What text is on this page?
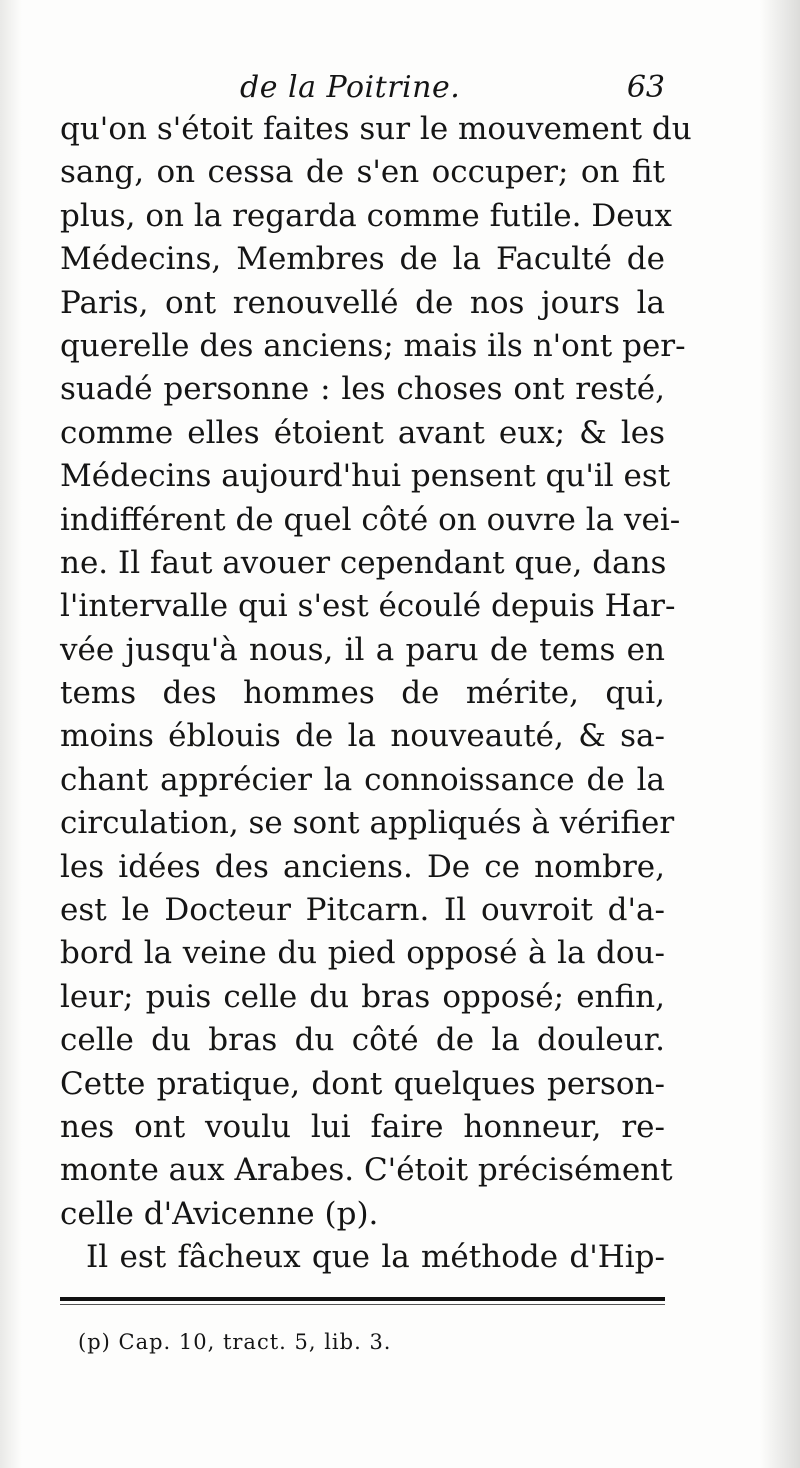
de la Poitrine.	63
qu'on s'étoit faites sur le mouvement du
sang, on cessa de s'en occuper; on fit
plus, on la regarda comme futile. Deux
Médecins, Membres de la Faculté de
Paris, ont renouvellé de nos jours la
querelle des anciens; mais ils n'ont per-
suadé personne : les choses ont resté,
comme elles étoient avant eux; & les
Médecins aujourd'hui pensent qu'il est
indifférent de quel côté on ouvre la vei-
ne. Il faut avouer cependant que, dans
l'intervalle qui s'est écoulé depuis Har-
vée jusqu'à nous, il a paru de tems en
tems des hommes de mérite, qui,
moins éblouis de la nouveauté, & sa-
chant apprécier la connoissance de la
circulation, se sont appliqués à vérifier
les idées des anciens. De ce nombre,
est le Docteur Pitcarn. Il ouvroit d'a-
bord la veine du pied opposé à la dou-
leur; puis celle du bras opposé; enfin,
celle du bras du côté de la douleur.
Cette pratique, dont quelques person-
nes ont voulu lui faire honneur, re-
monte aux Arabes. C'étoit précisément
celle d'Avicenne (p).
Il est fâcheux que la méthode d'Hip-
(p) Cap. 10, tract. 5, lib. 3.
